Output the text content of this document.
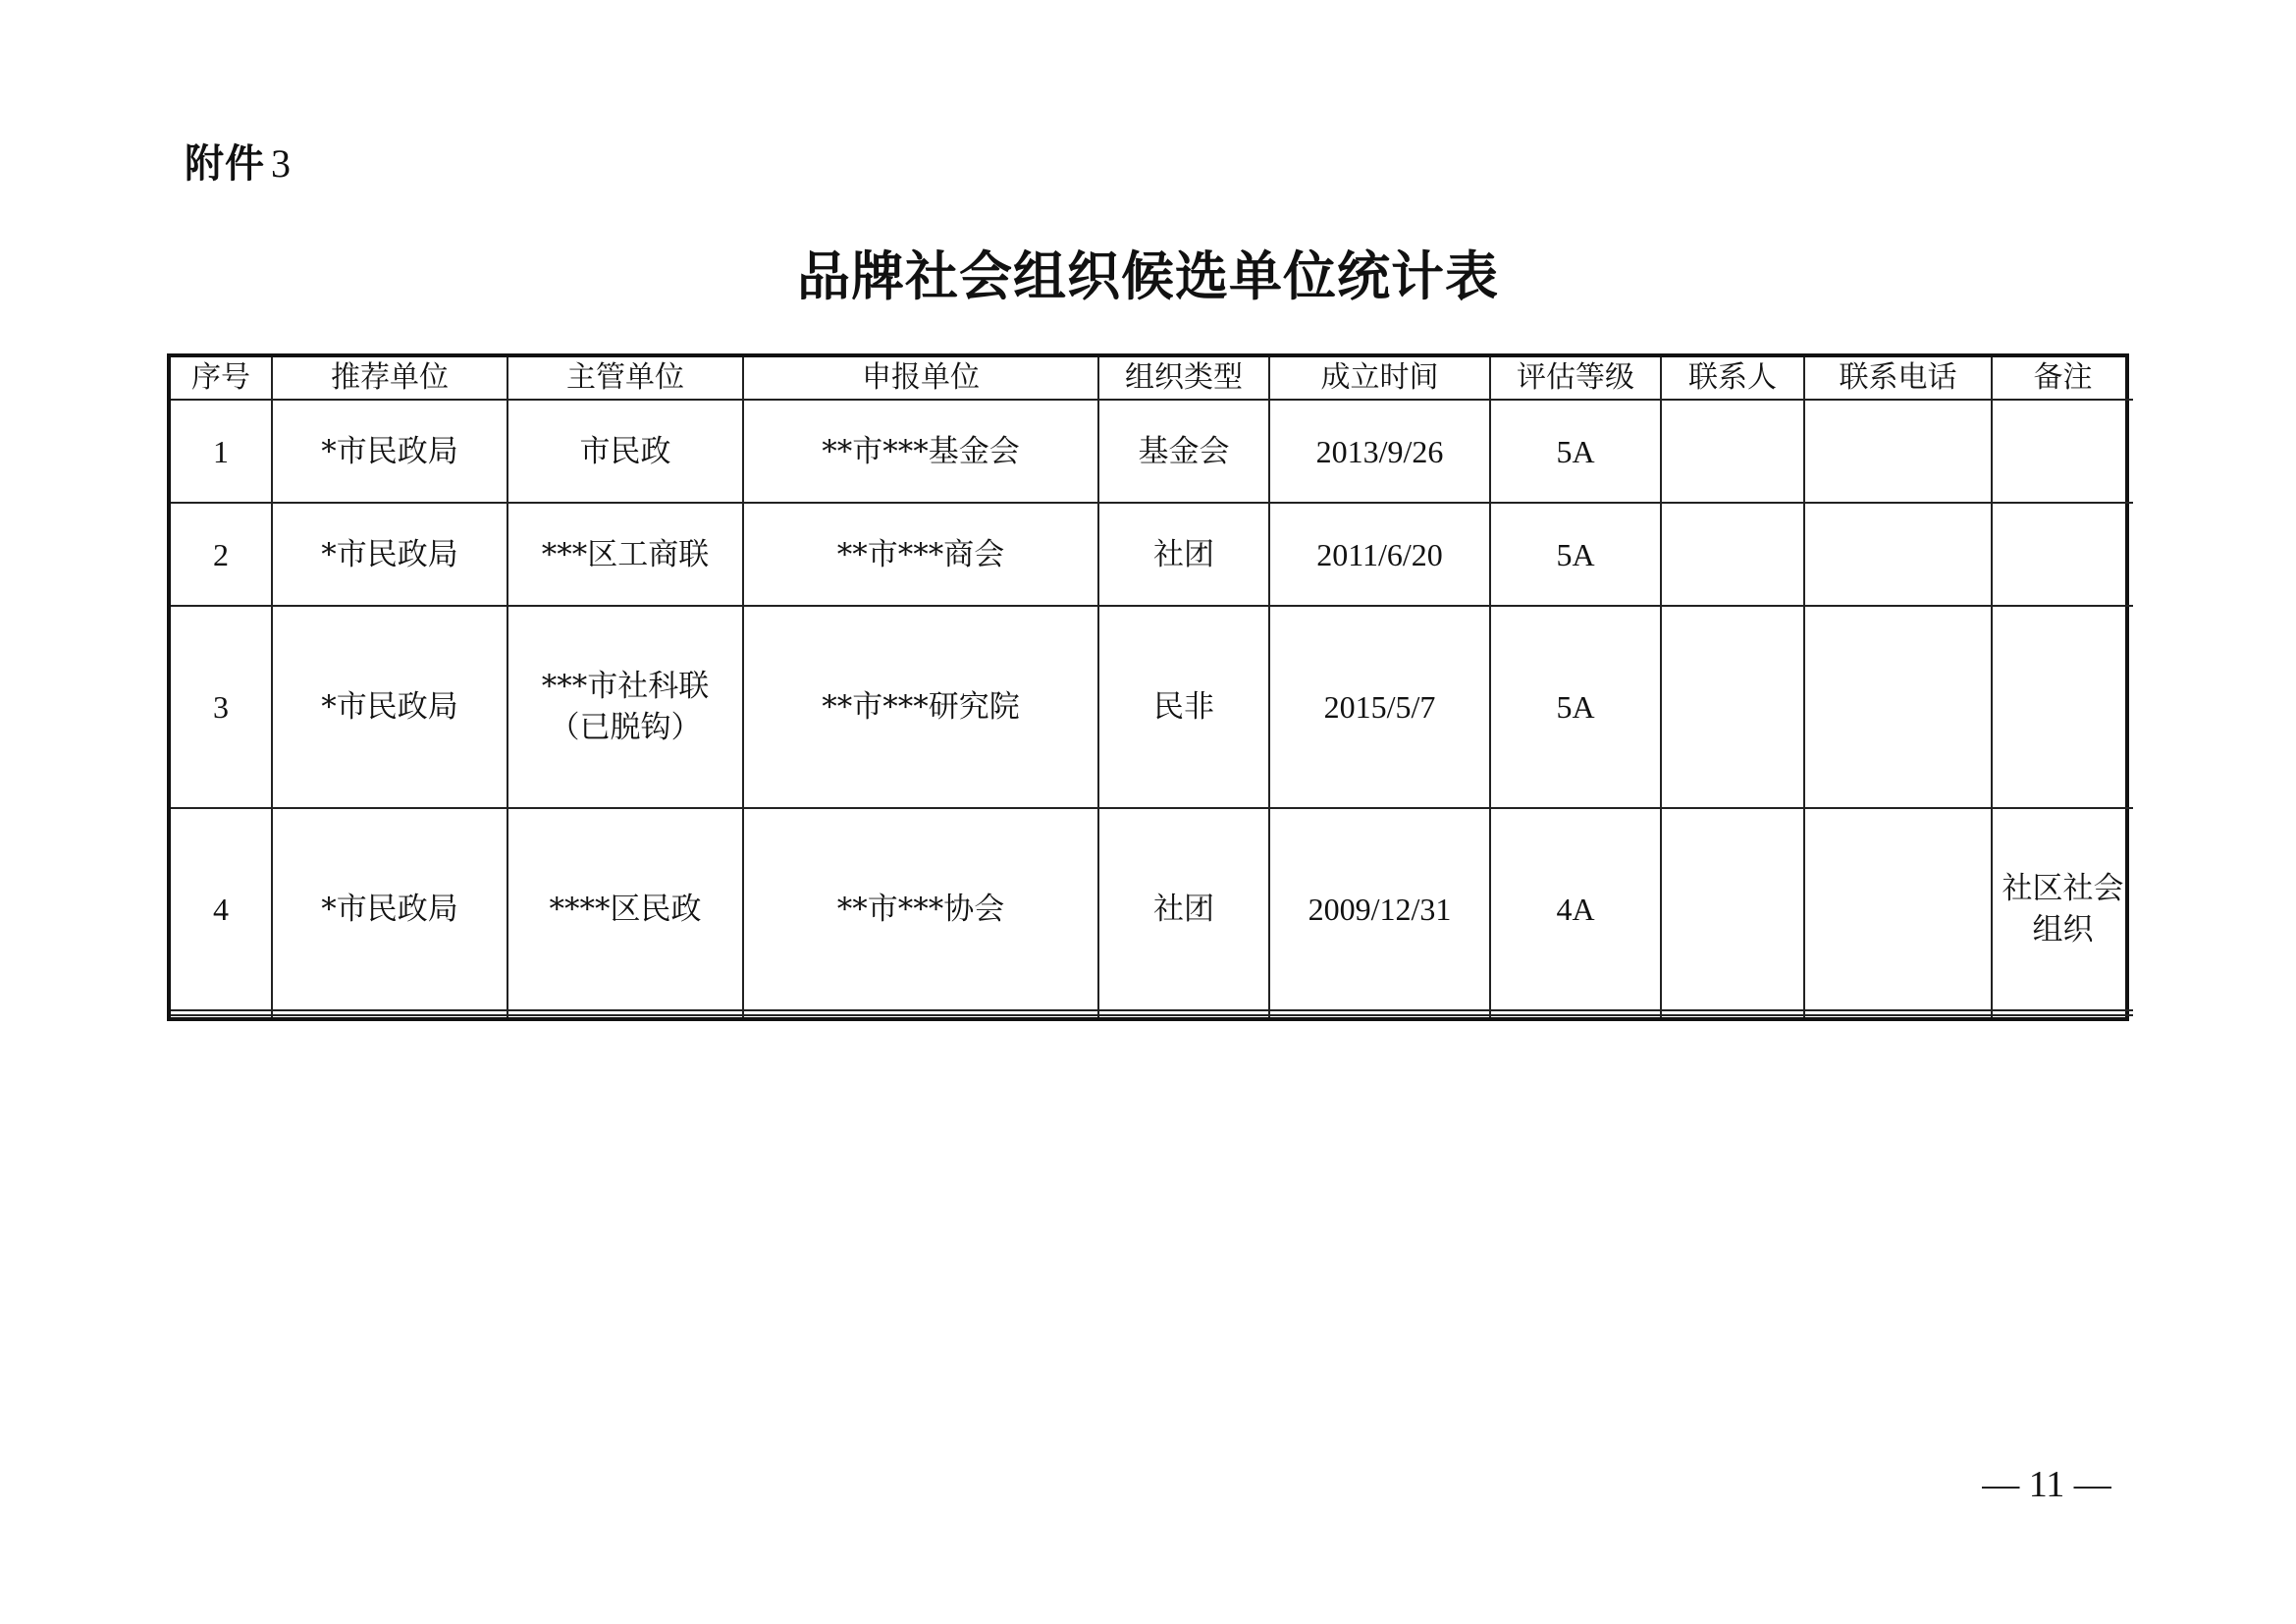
附件 3
品牌社会组织候选单位统计表
序号	推荐单位	主管单位	申报单位	组织类型	成立时间	评估等级	联系人	联系电话	备注
1	*市民政局	市民政	**市***基金会	基金会	2013/9/26	5A			
2	*市民政局	***区工商联	**市***商会	社团	2011/6/20	5A			
3	*市民政局	***市社科联（已脱钩）	**市***研究院	民非	2015/5/7	5A			
4	*市民政局	****区民政	**市***协会	社团	2009/12/31	4A			社区社会组织

— 11 —
